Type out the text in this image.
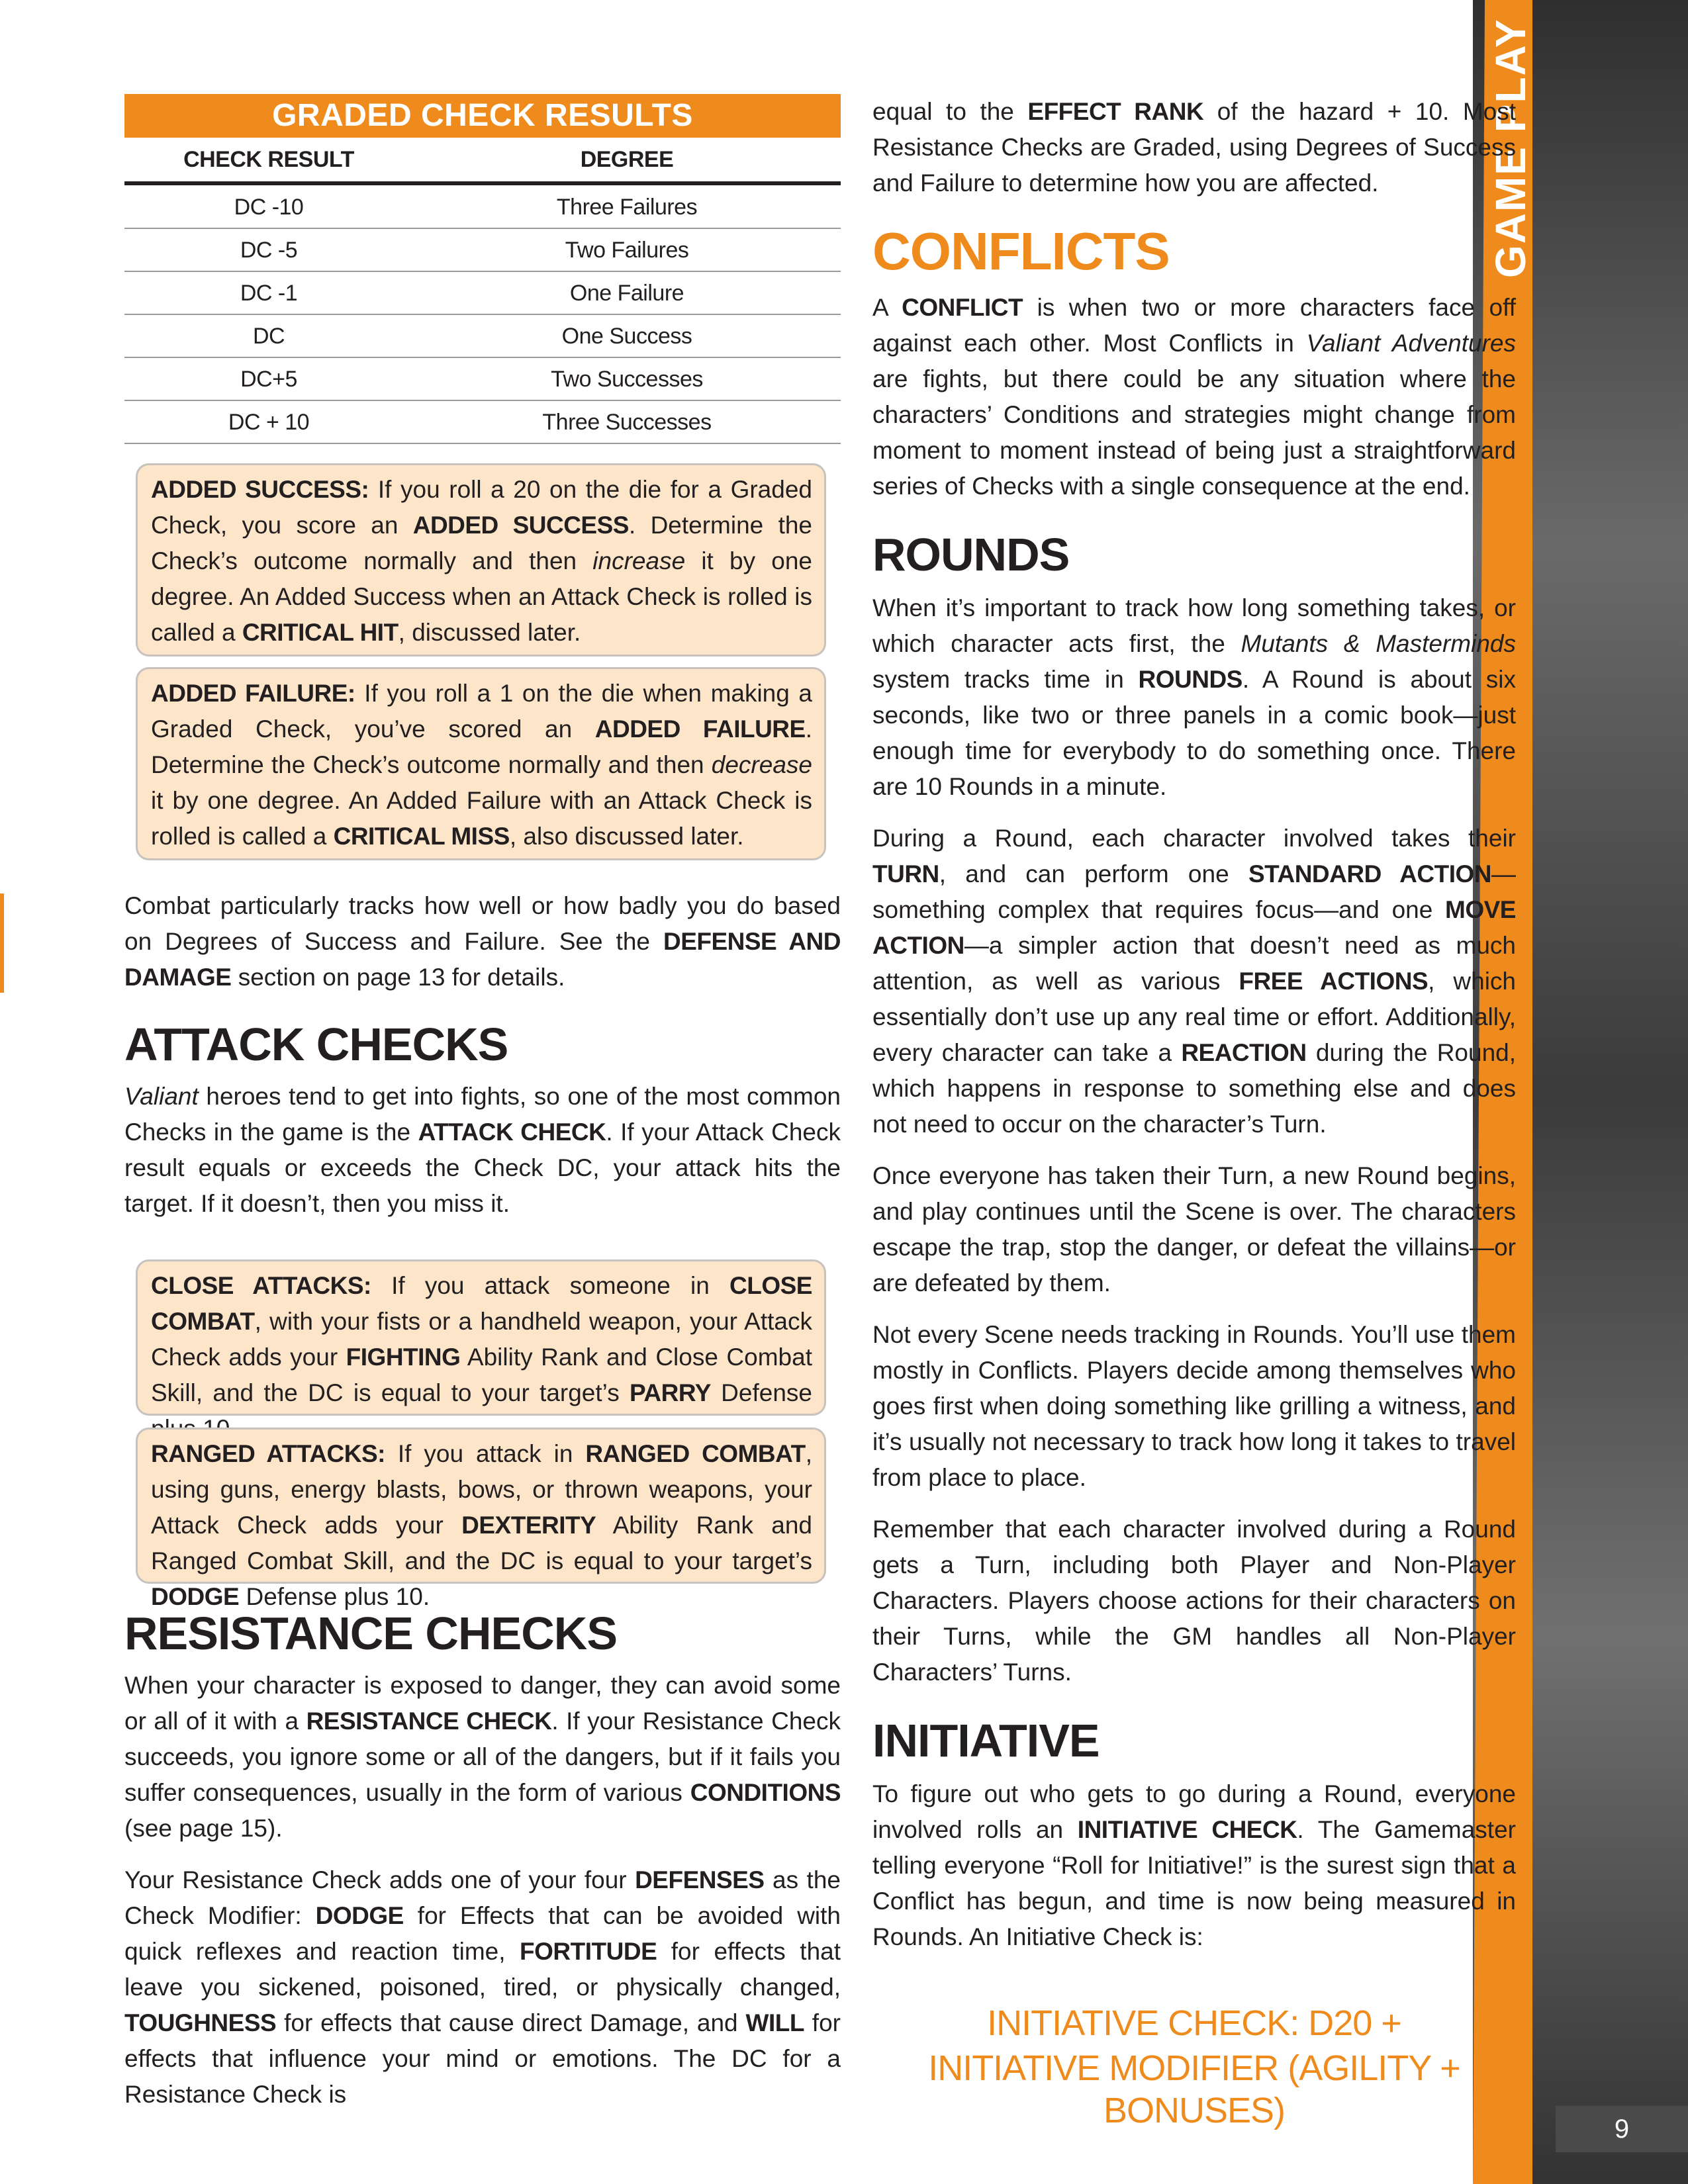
GAME PLAY
GRADED CHECK RESULTS
CHECK RESULT	DEGREE
DC -10	Three Failures
DC -5	Two Failures
DC -1	One Failure
DC	One Success
DC+5	Two Successes
DC + 10	Three Successes

ADDED SUCCESS: If you roll a 20 on the die for a Graded Check, you score an ADDED SUCCESS. Determine the Check’s outcome normally and then increase it by one degree. An Added Success when an Attack Check is rolled is called a CRITICAL HIT, discussed later.

ADDED FAILURE: If you roll a 1 on the die when making a Graded Check, you’ve scored an ADDED FAILURE. Determine the Check’s outcome normally and then decrease it by one degree. An Added Failure with an Attack Check is rolled is called a CRITICAL MISS, also discussed later.

Combat particularly tracks how well or how badly you do based on Degrees of Success and Failure. See the DEFENSE AND DAMAGE section on page 13 for details.

ATTACK CHECKS

Valiant heroes tend to get into fights, so one of the most common Checks in the game is the ATTACK CHECK. If your Attack Check result equals or exceeds the Check DC, your attack hits the target. If it doesn’t, then you miss it.

CLOSE ATTACKS: If you attack someone in CLOSE COMBAT, with your fists or a handheld weapon, your Attack Check adds your FIGHTING Ability Rank and Close Combat Skill, and the DC is equal to your target’s PARRY Defense

RANGED ATTACKS: If you attack in RANGED COMBAT, using guns, energy blasts, bows, or thrown weapons, your Attack Check adds your DEXTERITY Ability Rank and Ranged Combat Skill, and the DC is equal to your target’s DODGE Defense plus 10.

RESISTANCE CHECKS

When your character is exposed to danger, they can avoid some or all of it with a RESISTANCE CHECK. If your Resistance Check succeeds, you ignore some or all of the dangers, but if it fails you suffer consequences, usually in the form of various CONDITIONS (see page 15).

Your Resistance Check adds one of your four DEFENSES as the Check Modifier: DODGE for Effects that can be avoided with quick reflexes and reaction time, FORTITUDE for effects that leave you sickened, poisoned, tired, or physically changed, TOUGHNESS for effects that cause direct Damage, and WILL for effects that influence your mind or emotions. The DC for a Resistance Check is

equal to the EFFECT RANK of the hazard + 10. Most Resistance Checks are Graded, using Degrees of Success and Failure to determine how you are affected.

CONFLICTS

A CONFLICT is when two or more characters face off against each other. Most Conflicts in Valiant Adventures are fights, but there could be any situation where the characters’ Conditions and strategies might change from moment to moment instead of being just a straightforward series of Checks with a single consequence at the end.

ROUNDS

When it’s important to track how long something takes, or which character acts first, the Mutants & Masterminds system tracks time in ROUNDS. A Round is about six seconds, like two or three panels in a comic book—just enough time for everybody to do something once. There are 10 Rounds in a minute.

During a Round, each character involved takes their TURN, and can perform one STANDARD ACTION—something complex that requires focus—and one MOVE ACTION—a simpler action that doesn’t need as much attention, as well as various FREE ACTIONS, which essentially don’t use up any real time or effort. Additionally, every character can take a REACTION during the Round, which happens in response to something else and does not need to occur on the character’s Turn.

Once everyone has taken their Turn, a new Round begins, and play continues until the Scene is over. The characters escape the trap, stop the danger, or defeat the villains—or are defeated by them.

Not every Scene needs tracking in Rounds. You’ll use them mostly in Conflicts. Players decide among themselves who goes first when doing something like grilling a witness, and it’s usually not necessary to track how long it takes to travel from place to place.

Remember that each character involved during a Round gets a Turn, including both Player and Non-Player Characters. Players choose actions for their characters on their Turns, while the GM handles all Non-Player Characters’ Turns.

INITIATIVE

To figure out who gets to go during a Round, everyone involved rolls an INITIATIVE CHECK. The Gamemaster telling everyone “Roll for Initiative!” is the surest sign that a Conflict has begun, and time is now being measured in Rounds. An Initiative Check is:

INITIATIVE CHECK: D20 +
INITIATIVE MODIFIER (AGILITY + BONUSES)	9
